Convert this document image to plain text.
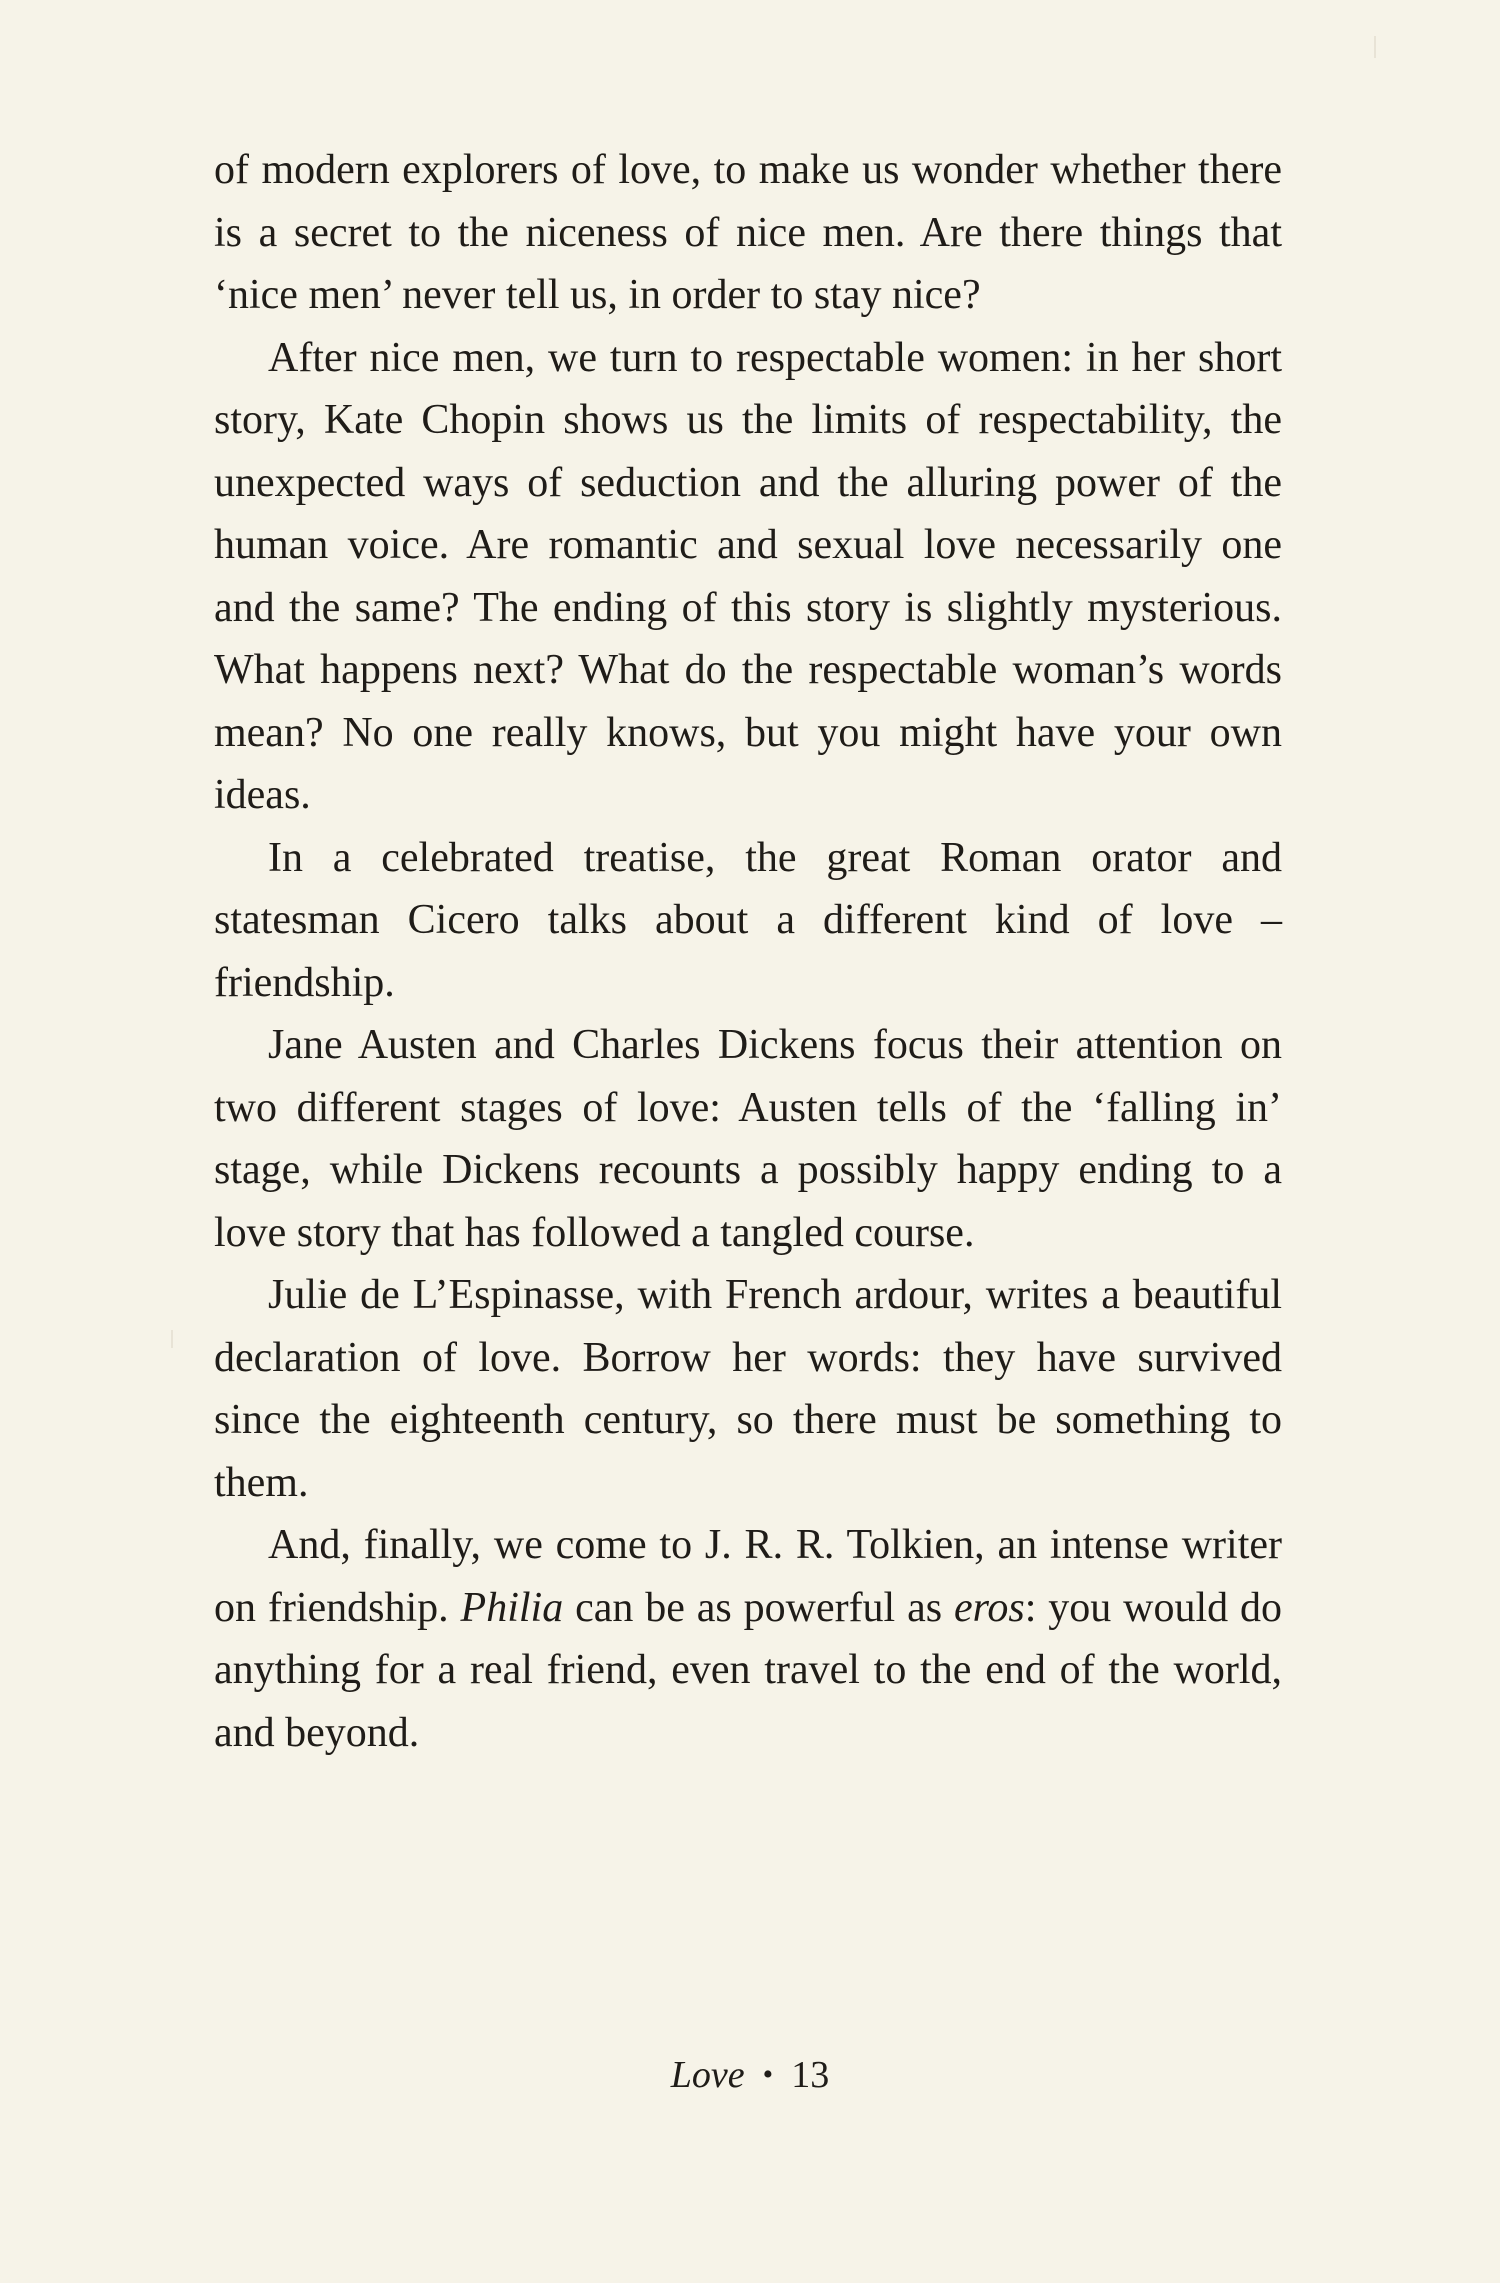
of modern explorers of love, to make us wonder whether there is a secret to the niceness of nice men. Are there things that ‘nice men’ never tell us, in order to stay nice?

After nice men, we turn to respectable women: in her short story, Kate Chopin shows us the limits of respectability, the unexpected ways of seduction and the alluring power of the human voice. Are romantic and sexual love necessarily one and the same? The ending of this story is slightly mysterious. What happens next? What do the respectable woman’s words mean? No one really knows, but you might have your own ideas.

In a celebrated treatise, the great Roman orator and statesman Cicero talks about a different kind of love – friendship.

Jane Austen and Charles Dickens focus their attention on two different stages of love: Austen tells of the ‘falling in’ stage, while Dickens recounts a possibly happy ending to a love story that has followed a tangled course.

Julie de L’Espinasse, with French ardour, writes a beautiful declaration of love. Borrow her words: they have survived since the eighteenth century, so there must be something to them.

And, finally, we come to J. R. R. Tolkien, an intense writer on friendship. Philia can be as powerful as eros: you would do anything for a real friend, even travel to the end of the world, and beyond.

Love • 13
